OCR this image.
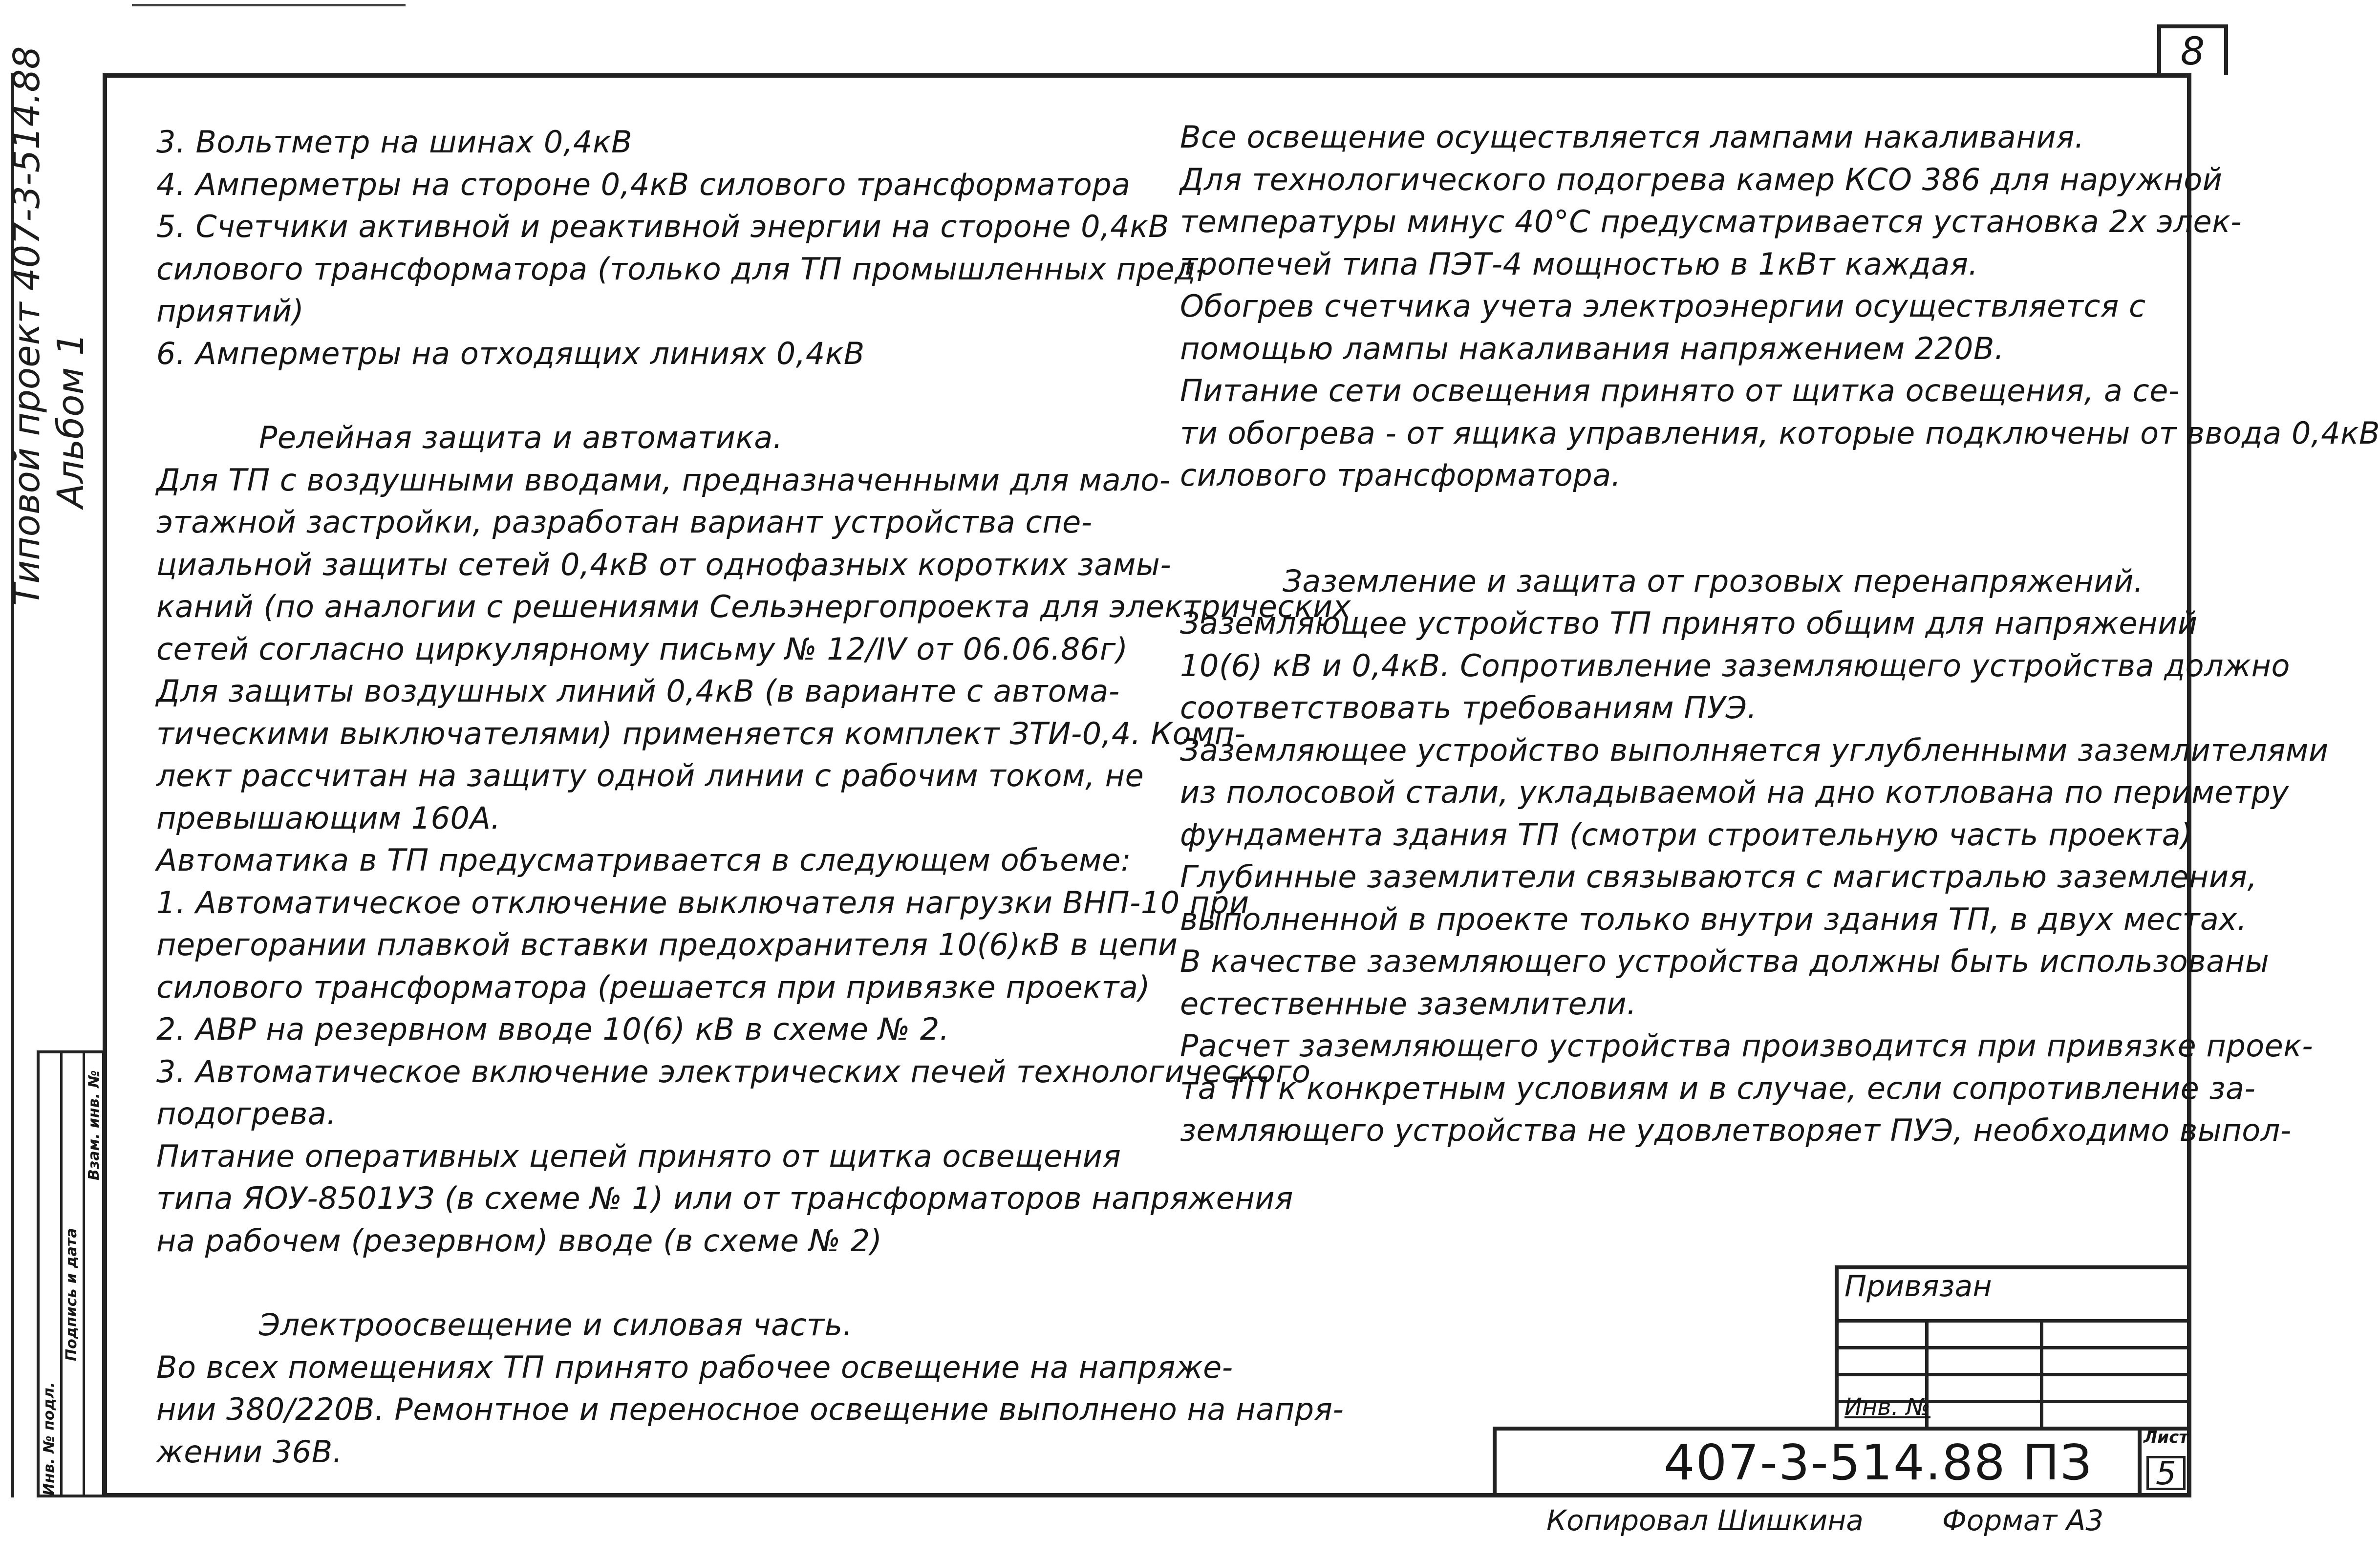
8
Типовой проект 407-3-514.88 Альбом 1
Инв. № подл.
Подпись и дата
Взам. инв. №

3. Вольтметр на шинах 0,4кВ

4. Амперметры на стороне 0,4кВ силового трансформатора

5. Счетчики активной и реактивной энергии на стороне 0,4кВ

силового трансформатора (только для ТП промышленных пред-

приятий)

6. Амперметры на отходящих линиях 0,4кВ

Релейная защита и автоматика.

Для ТП с воздушными вводами, предназначенными для мало-

этажной застройки, разработан вариант устройства спе-

циальной защиты сетей 0,4кВ от однофазных коротких замы-

каний (по аналогии с решениями Сельэнергопроекта для электрических

сетей согласно циркулярному письму № 12/IV от 06.06.86г)

Для защиты воздушных линий 0,4кВ (в варианте с автома-

тическими выключателями) применяется комплект ЗТИ-0,4. Комп-

лект рассчитан на защиту одной линии с рабочим током, не

превышающим 160А.

Автоматика в ТП предусматривается в следующем объеме:

1. Автоматическое отключение выключателя нагрузки ВНП-10 при

перегорании плавкой вставки предохранителя 10(6)кВ в цепи

силового трансформатора (решается при привязке проекта)

2. АВР на резервном вводе 10(6) кВ в схеме № 2.

3. Автоматическое включение электрических печей технологического

подогрева.

Питание оперативных цепей принято от щитка освещения

типа ЯОУ-8501УЗ (в схеме № 1) или от трансформаторов напряжения

на рабочем (резервном) вводе (в схеме № 2)

Электроосвещение и силовая часть.

Во всех помещениях ТП принято рабочее освещение на напряже-

нии 380/220В. Ремонтное и переносное освещение выполнено на напря-

жении 36В.

Все освещение осуществляется лампами накаливания.

Для технологического подогрева камер КСО 386 для наружной

температуры минус 40°С предусматривается установка 2х элек-

тропечей типа ПЭТ-4 мощностью в 1кВт каждая.

Обогрев счетчика учета электроэнергии осуществляется с

помощью лампы накаливания напряжением 220В.

Питание сети освещения принято от щитка освещения, а се-

ти обогрева - от ящика управления, которые подключены от ввода 0,4кВ

силового трансформатора.

Заземление и защита от грозовых перенапряжений.

Заземляющее устройство ТП принято общим для напряжений

10(6) кВ и 0,4кВ. Сопротивление заземляющего устройства должно

соответствовать требованиям ПУЭ.

Заземляющее устройство выполняется углубленными заземлителями

из полосовой стали, укладываемой на дно котлована по периметру

фундамента здания ТП (смотри строительную часть проекта)

Глубинные заземлители связываются с магистралью заземления,

выполненной в проекте только внутри здания ТП, в двух местах.

В качестве заземляющего устройства должны быть использованы

естественные заземлители.

Расчет заземляющего устройства производится при привязке проек-

та ТП к конкретным условиям и в случае, если сопротивление за-

земляющего устройства не удовлетворяет ПУЭ, необходимо выпол-

Привязан
Инв. №
407-3-514.88 ПЗ	Лист
5
Копировал Шишкина	Формат А3
